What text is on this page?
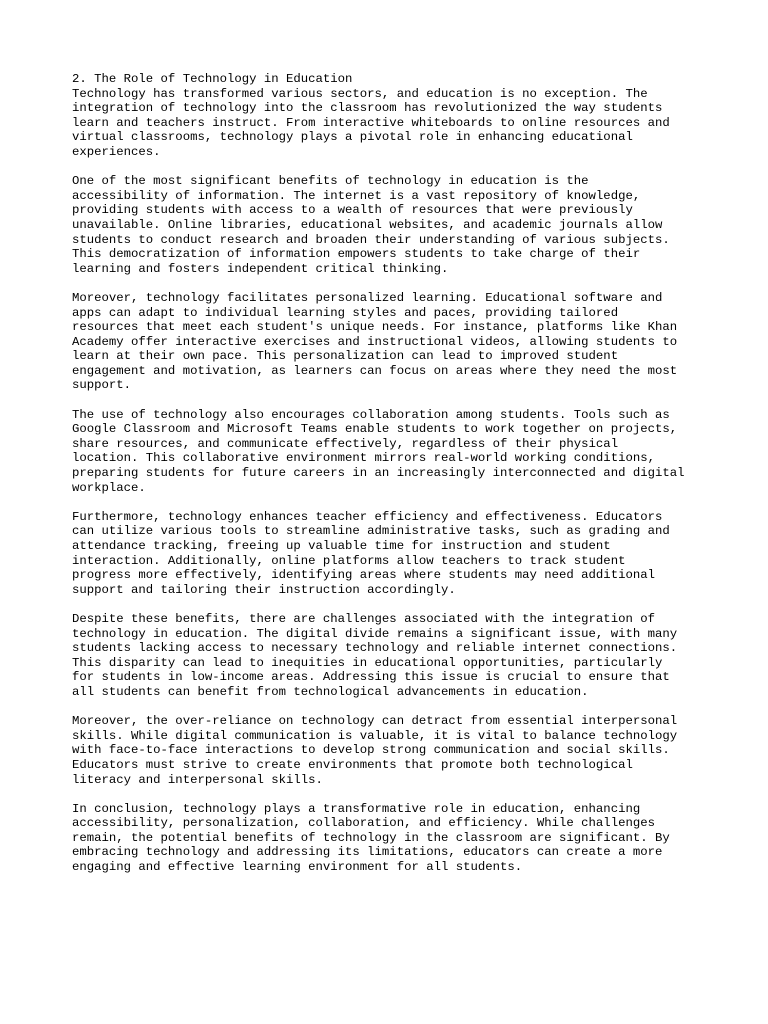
2. The Role of Technology in Education

Technology has transformed various sectors, and education is no exception. The
integration of technology into the classroom has revolutionized the way students
learn and teachers instruct. From interactive whiteboards to online resources and
virtual classrooms, technology plays a pivotal role in enhancing educational
experiences.

One of the most significant benefits of technology in education is the
accessibility of information. The internet is a vast repository of knowledge,
providing students with access to a wealth of resources that were previously
unavailable. Online libraries, educational websites, and academic journals allow
students to conduct research and broaden their understanding of various subjects.
This democratization of information empowers students to take charge of their
learning and fosters independent critical thinking.

Moreover, technology facilitates personalized learning. Educational software and
apps can adapt to individual learning styles and paces, providing tailored
resources that meet each student's unique needs. For instance, platforms like Khan
Academy offer interactive exercises and instructional videos, allowing students to
learn at their own pace. This personalization can lead to improved student
engagement and motivation, as learners can focus on areas where they need the most
support.

The use of technology also encourages collaboration among students. Tools such as
Google Classroom and Microsoft Teams enable students to work together on projects,
share resources, and communicate effectively, regardless of their physical
location. This collaborative environment mirrors real-world working conditions,
preparing students for future careers in an increasingly interconnected and digital
workplace.

Furthermore, technology enhances teacher efficiency and effectiveness. Educators
can utilize various tools to streamline administrative tasks, such as grading and
attendance tracking, freeing up valuable time for instruction and student
interaction. Additionally, online platforms allow teachers to track student
progress more effectively, identifying areas where students may need additional
support and tailoring their instruction accordingly.

Despite these benefits, there are challenges associated with the integration of
technology in education. The digital divide remains a significant issue, with many
students lacking access to necessary technology and reliable internet connections.
This disparity can lead to inequities in educational opportunities, particularly
for students in low-income areas. Addressing this issue is crucial to ensure that
all students can benefit from technological advancements in education.

Moreover, the over-reliance on technology can detract from essential interpersonal
skills. While digital communication is valuable, it is vital to balance technology
with face-to-face interactions to develop strong communication and social skills.
Educators must strive to create environments that promote both technological
literacy and interpersonal skills.

In conclusion, technology plays a transformative role in education, enhancing
accessibility, personalization, collaboration, and efficiency. While challenges
remain, the potential benefits of technology in the classroom are significant. By
embracing technology and addressing its limitations, educators can create a more
engaging and effective learning environment for all students.
